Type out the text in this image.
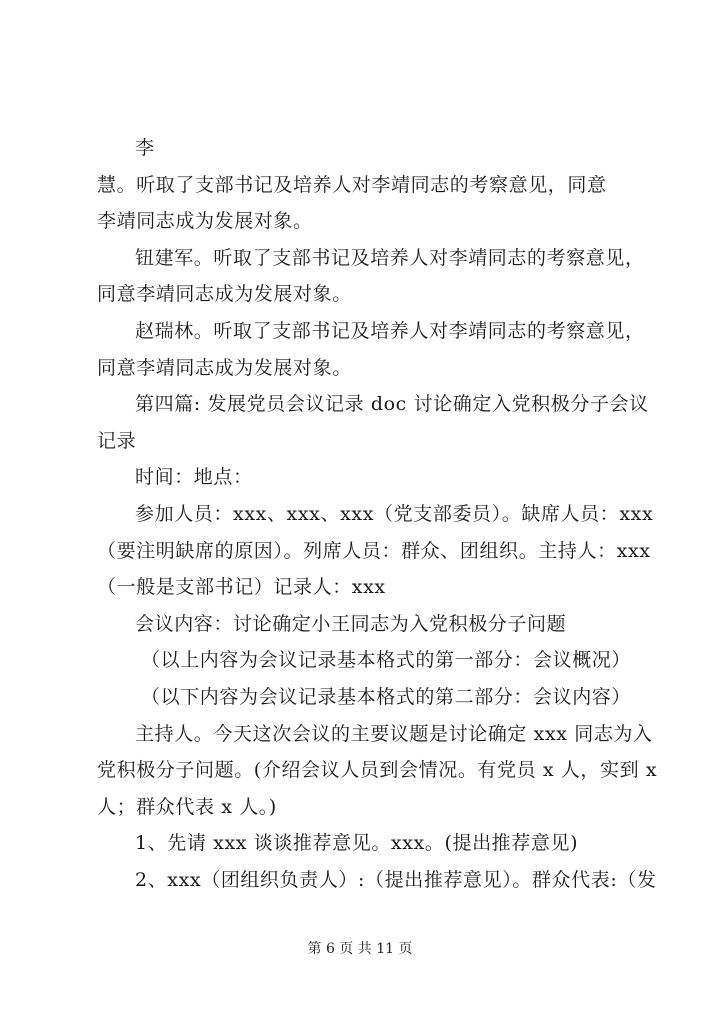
李
慧。听取了支部书记及培养人对李靖同志的考察意见，同意
李靖同志成为发展对象。
钮建军。听取了支部书记及培养人对李靖同志的考察意见，
同意李靖同志成为发展对象。
赵瑞林。听取了支部书记及培养人对李靖同志的考察意见，
同意李靖同志成为发展对象。
第四篇: 发展党员会议记录 doc 讨论确定入党积极分子会议
记录
时间：地点：
参加人员：xxx、xxx、xxx（党支部委员）。缺席人员：xxx
（要注明缺席的原因）。列席人员：群众、团组织。主持人：xxx
（一般是支部书记）记录人：xxx
会议内容：讨论确定小王同志为入党积极分子问题
（以上内容为会议记录基本格式的第一部分：会议概况）
（以下内容为会议记录基本格式的第二部分：会议内容）
主持人。今天这次会议的主要议题是讨论确定 xxx 同志为入
党积极分子问题。(介绍会议人员到会情况。有党员 x 人，实到 x
人；群众代表 x 人。)
1、先请 xxx 谈谈推荐意见。xxx。(提出推荐意见)
2、xxx（团组织负责人）:（提出推荐意见）。群众代表:（发
第 6 页 共 11 页
